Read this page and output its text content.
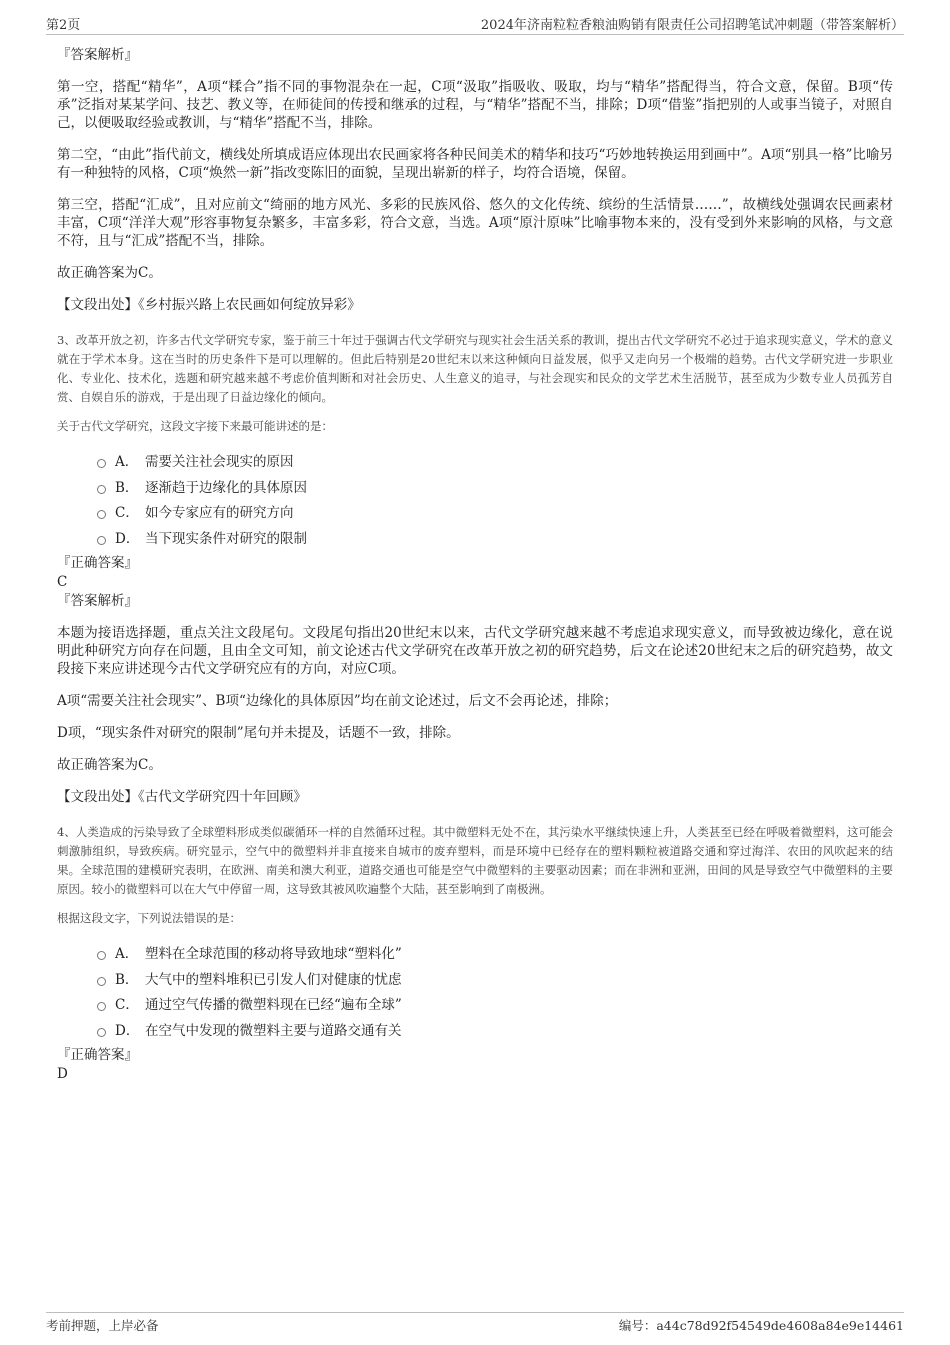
第2页	2024年济南粒粒香粮油购销有限责任公司招聘笔试冲刺题（带答案解析）

『答案解析』

第一空，搭配“精华”，A项“糅合”指不同的事物混杂在一起，C项“汲取”指吸收、吸取，均与“精华”搭配得当，符合文意，保留。B项“传承”泛指对某某学问、技艺、教义等，在师徒间的传授和继承的过程，与“精华”搭配不当，排除；D项“借鉴”指把别的人或事当镜子，对照自己，以便吸取经验或教训，与“精华”搭配不当，排除。

第二空，“由此”指代前文，横线处所填成语应体现出农民画家将各种民间美术的精华和技巧“巧妙地转换运用到画中”。A项“别具一格”比喻另有一种独特的风格，C项“焕然一新”指改变陈旧的面貌，呈现出崭新的样子，均符合语境，保留。

第三空，搭配“汇成”，且对应前文“绮丽的地方风光、多彩的民族风俗、悠久的文化传统、缤纷的生活情景……”，故横线处强调农民画素材丰富，C项“洋洋大观”形容事物复杂繁多，丰富多彩，符合文意，当选。A项“原汁原味”比喻事物本来的，没有受到外来影响的风格，与文意不符，且与“汇成”搭配不当，排除。

故正确答案为C。

【文段出处】《乡村振兴路上农民画如何绽放异彩》

3、改革开放之初，许多古代文学研究专家，鉴于前三十年过于强调古代文学研究与现实社会生活关系的教训，提出古代文学研究不必过于追求现实意义，学术的意义就在于学术本身。这在当时的历史条件下是可以理解的。但此后特别是20世纪末以来这种倾向日益发展，似乎又走向另一个极端的趋势。古代文学研究进一步职业化、专业化、技术化，选题和研究越来越不考虑价值判断和对社会历史、人生意义的追寻，与社会现实和民众的文学艺术生活脱节，甚至成为少数专业人员孤芳自赏、自娱自乐的游戏，于是出现了日益边缘化的倾向。

关于古代文学研究，这段文字接下来最可能讲述的是：

A． 需要关注社会现实的原因
B． 逐渐趋于边缘化的具体原因
C． 如今专家应有的研究方向
D． 当下现实条件对研究的限制

『正确答案』

C

『答案解析』

本题为接语选择题，重点关注文段尾句。文段尾句指出20世纪末以来，古代文学研究越来越不考虑追求现实意义，而导致被边缘化，意在说明此种研究方向存在问题，且由全文可知，前文论述古代文学研究在改革开放之初的研究趋势，后文在论述20世纪末之后的研究趋势，故文段接下来应讲述现今古代文学研究应有的方向，对应C项。

A项“需要关注社会现实”、B项“边缘化的具体原因”均在前文论述过，后文不会再论述，排除；

D项，“现实条件对研究的限制”尾句并未提及，话题不一致，排除。

故正确答案为C。

【文段出处】《古代文学研究四十年回顾》

4、人类造成的污染导致了全球塑料形成类似碳循环一样的自然循环过程。其中微塑料无处不在，其污染水平继续快速上升，人类甚至已经在呼吸着微塑料，这可能会刺激肺组织，导致疾病。研究显示，空气中的微塑料并非直接来自城市的废弃塑料，而是环境中已经存在的塑料颗粒被道路交通和穿过海洋、农田的风吹起来的结果。全球范围的建模研究表明，在欧洲、南美和澳大利亚，道路交通也可能是空气中微塑料的主要驱动因素；而在非洲和亚洲，田间的风是导致空气中微塑料的主要原因。较小的微塑料可以在大气中停留一周，这导致其被风吹遍整个大陆，甚至影响到了南极洲。

根据这段文字，下列说法错误的是：

A． 塑料在全球范围的移动将导致地球“塑料化”
B． 大气中的塑料堆积已引发人们对健康的忧虑
C． 通过空气传播的微塑料现在已经“遍布全球”
D． 在空气中发现的微塑料主要与道路交通有关

『正确答案』

D

考前押题，上岸必备	编号：a44c78d92f54549de4608a84e9e14461
